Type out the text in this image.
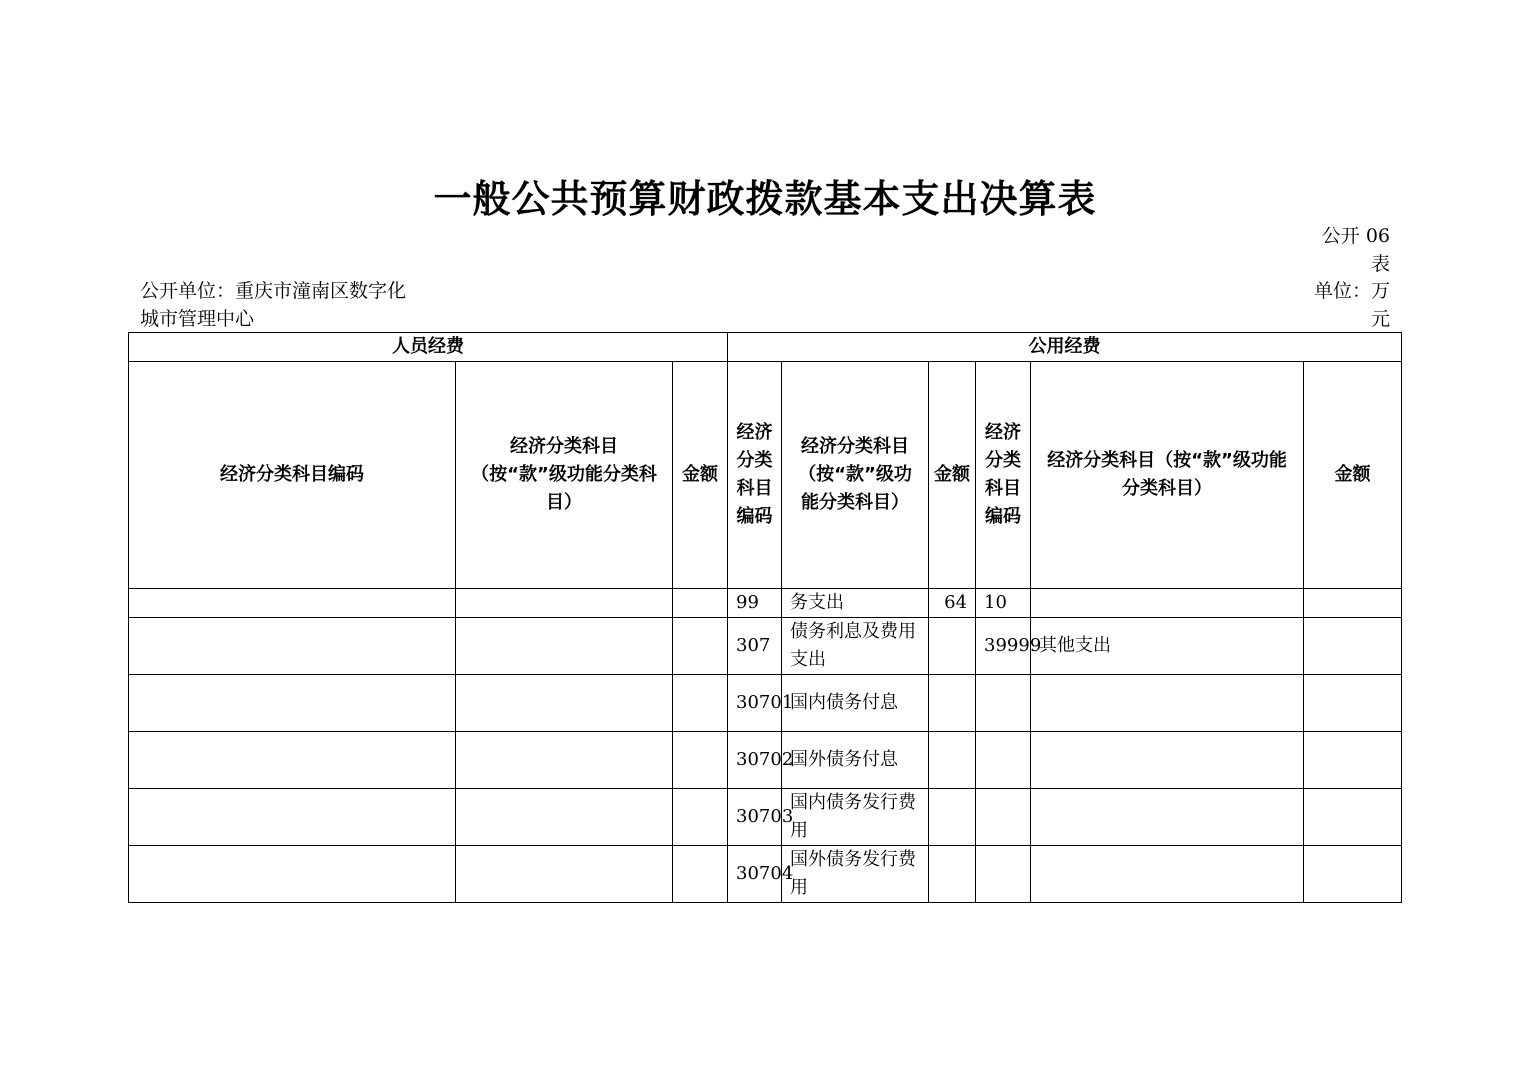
一般公共预算财政拨款基本支出决算表
公开 06
表
公开单位：重庆市潼南区数字化
城市管理中心
单位：万
元
人员经费			公用经费					
经济分类科目编码	经济分类科目（按“款”级功能分类科目）	金额	经济分类科目编码	经济分类科目（按“款”级功能分类科目）	金额	经济分类科目编码	经济分类科目（按“款”级功能分类科目）	金额
			99	务支出	64	10		
			307	债务利息及费用支出		39999	其他支出	
			30701	国内债务付息				
			30702	国外债务付息				
			30703	国内债务发行费用				
			30704	国外债务发行费用				
